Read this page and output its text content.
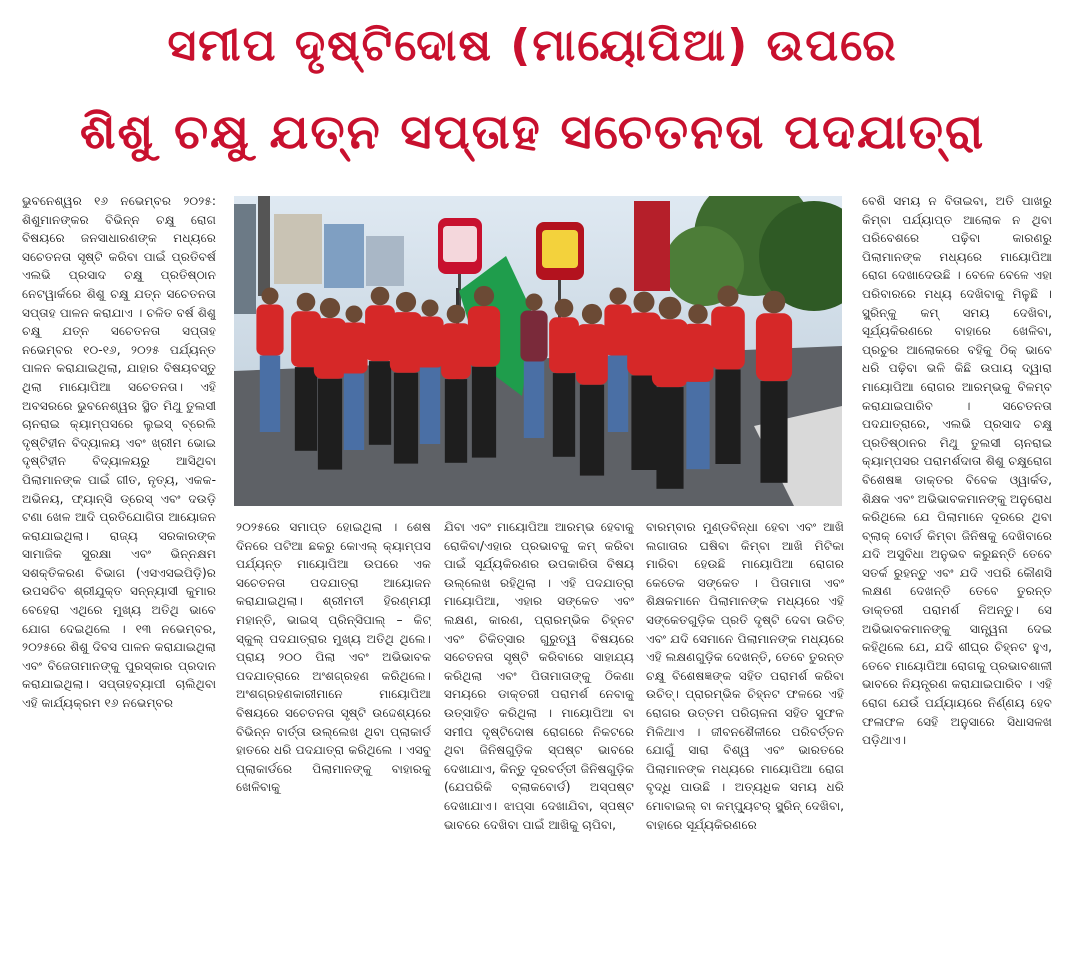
ସମୀପ ଦୃଷ୍ଟିଦୋଷ (ମାୟୋପିଆ) ଉପରେ
ଶିଶୁ ଚକ୍ଷୁ ଯତ୍ନ ସପ୍ତାହ ସଚେତନତା ପଦଯାତ୍ରା

ଭୁବନେଶ୍ୱର ୧୬ ନଭେମ୍ବର ୨୦୨୫: ଶିଶୁମାନଙ୍କର ବିଭିନ୍ନ ଚକ୍ଷୁ ରୋଗ ବିଷୟରେ ଜନସାଧାରଣଙ୍କ ମଧ୍ୟରେ ସଚେତନତା ସୃଷ୍ଟି କରିବା ପାଇଁ ପ୍ରତିବର୍ଷ ଏଲଭି ପ୍ରସାଦ ଚକ୍ଷୁ ପ୍ରତିଷ୍ଠାନ ନେଟୱାର୍କରେ ଶିଶୁ ଚକ୍ଷୁ ଯତ୍ନ ସଚେତନତା ସପ୍ତାହ ପାଳନ କରାଯାଏ । ଚଳିତ ବର୍ଷ ଶିଶୁ ଚକ୍ଷୁ ଯତ୍ନ ସଚେତନତା ସପ୍ତାହ ନଭେମ୍ବର ୧୦-୧୬, ୨୦୨୫ ପର୍ଯ୍ୟନ୍ତ ପାଳନ କରାଯାଇଥିଲା, ଯାହାର ବିଷୟବସ୍ତୁ ଥିଲା ମାୟୋପିଆ ସଚେତନତା। ଏହି ଅବସରରେ ଭୁବନେଶ୍ୱର ସ୍ଥିତ ମିଥୁ ତୁଲସୀ ଚାନରାଇ କ୍ୟାମ୍ପସରେ ଲୁଇସ୍ ବ୍ରେଲି ଦୃଷ୍ଟିହୀନ ବିଦ୍ୟାଳୟ ଏବଂ ଖ୍ରୀମ ଭୋଇ ଦୃଷ୍ଟିହୀନ ବିଦ୍ୟାଳୟରୁ ଆସିଥିବା ପିଲାମାନଙ୍କ ପାଇଁ ଗୀତ, ନୃତ୍ୟ, ଏକକ-ଅଭିନୟ, ଫ୍ୟାନ୍ସି ଡ୍ରେସ୍ ଏବଂ ଦଉଡ଼ି ଟଣା ଖେଳ ଆଦି ପ୍ରତିଯୋଗିତା ଆୟୋଜନ କରାଯାଇଥିଲା। ରାଜ୍ୟ ସରକାରଙ୍କ ସାମାଜିକ ସୁରକ୍ଷା ଏବଂ ଭିନ୍ନକ୍ଷମ ସଶକ୍ତିକରଣ ବିଭାଗ (ଏସଏସଇପିଡ଼ି)ର ଉପସଚିବ ଶ୍ରୀଯୁକ୍ତ ସନ୍ନ୍ୟାସୀ କୁମାର ବେହେରା ଏଥିରେ ମୁଖ୍ୟ ଅତିଥି ଭାବେ ଯୋଗ ଦେଇଥିଲେ । ୧୩ ନଭେମ୍ବର, ୨୦୨୫ରେ ଶିଶୁ ଦିବସ ପାଳନ କରାଯାଇଥିଲା ଏବଂ ବିଜେତାମାନଙ୍କୁ ପୁରସ୍କାର ପ୍ରଦାନ କରାଯାଇଥିଲା। ସପ୍ତାହବ୍ୟାପୀ ଚାଲିଥିବା ଏହି କାର୍ଯ୍ୟକ୍ରମ ୧୬ ନଭେମ୍ବର

୨୦୨୫ରେ ସମାପ୍ତ ହୋଇଥିଲା । ଶେଷ ଦିନରେ ପଟିଆ ଛକରୁ କୋଏଲ୍ କ୍ୟାମ୍ପସ ପର୍ଯ୍ୟନ୍ତ ମାୟୋପିଆ ଉପରେ ଏକ ସଚେତନତା ପଦଯାତ୍ରା ଆୟୋଜନ କରାଯାଇଥିଲା। ଶ୍ରୀମତୀ ହିରଣ୍ମୟୀ ମହାନ୍ତି, ଭାଇସ୍ ପ୍ରିନ୍ସିପାଲ୍ – କିଟ୍ ସ୍କୁଲ୍ ପଦଯାତ୍ରାର ମୁଖ୍ୟ ଅତିଥି ଥିଲେ। ପ୍ରାୟ ୨୦୦ ପିଲା ଏବଂ ଅଭିଭାବକ ପଦଯାତ୍ରାରେ ଅଂଶଗ୍ରହଣ କରିଥିଲେ। ଅଂଶଗ୍ରହଣକାରୀମାନେ ମାୟୋପିଆ ବିଷୟରେ ସଚେତନତା ସୃଷ୍ଟି ଉଦ୍ଦେଶ୍ୟରେ ବିଭିନ୍ନ ବାର୍ତ୍ତା ଉଲ୍ଲେଖ ଥିବା ପ୍ଲାକାର୍ଡ ହାତରେ ଧରି ପଦଯାତ୍ରା କରିଥିଲେ । ଏସବୁ ପ୍ଲାକାର୍ଡରେ ପିଲାମାନଙ୍କୁ ବାହାରକୁ ଖେଳିବାକୁ

ଯିବା ଏବଂ ମାୟୋପିଆ ଆରମ୍ଭ ହେବାକୁ ରୋକିବା/ଏହାର ପ୍ରଭାବକୁ କମ୍ କରିବା ପାଇଁ ସୂର୍ଯ୍ୟକିରଣର ଉପକାରିତା ବିଷୟ ଉଲ୍ଲେଖ ରହିଥିଲା । ଏହି ପଦଯାତ୍ରା ମାୟୋପିଆ, ଏହାର ସଙ୍କେତ ଏବଂ ଲକ୍ଷଣ, କାରଣ, ପ୍ରାରମ୍ଭିକ ଚିହ୍ନଟ ଏବଂ ଚିକିତ୍ସାର ଗୁରୁତ୍ୱ ବିଷୟରେ ସଚେତନତା ସୃଷ୍ଟି କରିବାରେ ସାହାଯ୍ୟ କରିଥିଲା ଏବଂ ପିତାମାତାଙ୍କୁ ଠିକଣା ସମୟରେ ଡାକ୍ତରୀ ପରାମର୍ଶ ନେବାକୁ ଉତ୍ସାହିତ କରିଥିଲା । ମାୟୋପିଆ ବା ସମୀପ ଦୃଷ୍ଟିଦୋଷ ରୋଗରେ ନିକଟରେ ଥିବା ଜିନିଷଗୁଡ଼ିକ ସ୍ପଷ୍ଟ ଭାବରେ ଦେଖାଯାଏ, କିନ୍ତୁ ଦୂରବର୍ତ୍ତୀ ଜିନିଷଗୁଡ଼ିକ (ଯେପରିକି ବ୍ଲାକବୋର୍ଡ) ଅସ୍ପଷ୍ଟ ଦେଖାଯାଏ। ଝାପ୍ସା ଦେଖାଯିବା, ସ୍ପଷ୍ଟ ଭାବରେ ଦେଖିବା ପାଇଁ ଆଖିକୁ ଚାପିବା,

ବାରମ୍ବାର ମୁଣ୍ଡବିନ୍ଧା ହେବା ଏବଂ ଆଖି ଲଗାତାର ଘଷିବା କିମ୍ବା ଆଖି ମିଟିକା ମାରିବା ହେଉଛି ମାୟୋପିଆ ରୋଗର କେତେକ ସଙ୍କେତ । ପିତାମାତା ଏବଂ ଶିକ୍ଷକମାନେ ପିଲାମାନଙ୍କ ମଧ୍ୟରେ ଏହି ସଙ୍କେତଗୁଡ଼ିକ ପ୍ରତି ଦୃଷ୍ଟି ଦେବା ଉଚିତ୍ ଏବଂ ଯଦି ସେମାନେ ପିଲାମାନଙ୍କ ମଧ୍ୟରେ ଏହି ଲକ୍ଷଣଗୁଡ଼ିକ ଦେଖନ୍ତି, ତେବେ ତୁରନ୍ତ ଚକ୍ଷୁ ବିଶେଷଜ୍ଞଙ୍କ ସହିତ ପରାମର୍ଶ କରିବା ଉଚିତ୍। ପ୍ରାରମ୍ଭିକ ଚିହ୍ନଟ ଫଳରେ ଏହି ରୋଗର ଉତ୍ତମ ପରିଚାଳନା ସହିତ ସୁଫଳ ମିଳିଥାଏ । ଜୀବନଶୈଳୀରେ ପରିବର୍ତ୍ତନ ଯୋଗୁଁ ସାରା ବିଶ୍ୱ ଏବଂ ଭାରତରେ ପିଲାମାନଙ୍କ ମଧ୍ୟରେ ମାୟୋପିଆ ରୋଗ ବୃଦ୍ଧି ପାଉଛି । ଅତ୍ୟଧିକ ସମୟ ଧରି ମୋବାଇଲ୍ ବା କମ୍ପ୍ୟୁଟର୍ ସ୍କ୍ରିନ୍ ଦେଖିବା, ବାହାରେ ସୂର୍ଯ୍ୟକିରଣରେ

ବେଶି ସମୟ ନ ବିତାଇବା, ଅତି ପାଖରୁ କିମ୍ବା ପର୍ଯ୍ୟାପ୍ତ ଆଲୋକ ନ ଥିବା ପରିବେଶରେ ପଢ଼ିବା କାରଣରୁ ପିଲାମାନଙ୍କ ମଧ୍ୟରେ ମାୟୋପିଆ ରୋଗ ଦେଖାଦେଉଛି । ବେଳେ ବେଳେ ଏହା ପରିବାରରେ ମଧ୍ୟ ଦେଖିବାକୁ ମିଳୁଛି । ସ୍କ୍ରିନ୍‌କୁ କମ୍ ସମୟ ଦେଖିବା, ସୂର୍ଯ୍ୟକିରଣରେ ବାହାରେ ଖେଳିବା, ପ୍ରଚୁର ଆଲୋକରେ ବହିକୁ ଠିକ୍ ଭାବେ ଧରି ପଢ଼ିବା ଭଳି କିଛି ଉପାୟ ଦ୍ୱାରା ମାୟୋପିଆ ରୋଗର ଆରମ୍ଭକୁ ବିଳମ୍ବ କରାଯାଇପାରିବ । ସଚେତନତା ପଦଯାତ୍ରାରେ, ଏଲଭି ପ୍ରସାଦ ଚକ୍ଷୁ ପ୍ରତିଷ୍ଠାନର ମିଥୁ ତୁଲସୀ ଚାନରାଇ କ୍ୟାମ୍ପସର ପରାମର୍ଶଦାତା ଶିଶୁ ଚକ୍ଷୁରୋଗ ବିଶେଷଜ୍ଞ ଡାକ୍ତର ବିବେକ ଓ୍ୱାର୍କଡ, ଶିକ୍ଷକ ଏବଂ ଅଭିଭାବକମାନଙ୍କୁ ଅନୁରୋଧ କରିଥିଲେ ଯେ ପିଲାମାନେ ଦୂରରେ ଥିବା ବ୍ଲାକ୍ ବୋର୍ଡ କିମ୍ବା ଜିନିଷକୁ ଦେଖିବାରେ ଯଦି ଅସୁବିଧା ଅନୁଭବ କରୁଛନ୍ତି ତେବେ ସତର୍କ ରୁହନ୍ତୁ ଏବଂ ଯଦି ଏପରି କୌଣସି ଲକ୍ଷଣ ଦେଖନ୍ତି ତେବେ ତୁରନ୍ତ ଡାକ୍ତରୀ ପରାମର୍ଶ ନିଅନ୍ତୁ। ସେ ଅଭିଭାବକମାନଙ୍କୁ ସାନ୍ତ୍ୱନା ଦେଇ କହିଥିଲେ ଯେ, ଯଦି ଶୀଘ୍ର ଚିହ୍ନଟ ହୁଏ, ତେବେ ମାୟୋପିଆ ରୋଗକୁ ପ୍ରଭାବଶାଳୀ ଭାବରେ ନିୟନ୍ତ୍ରଣ କରାଯାଇପାରିବ । ଏହି ରୋଗ ଯେଉଁ ପର୍ଯ୍ୟାୟରେ ନିର୍ଣ୍ଣୟ ହେବ ଫଳାଫଳ ସେହି ଅନୁସାରେ ସିଧାସଳଖ ପଡ଼ିଥାଏ।
